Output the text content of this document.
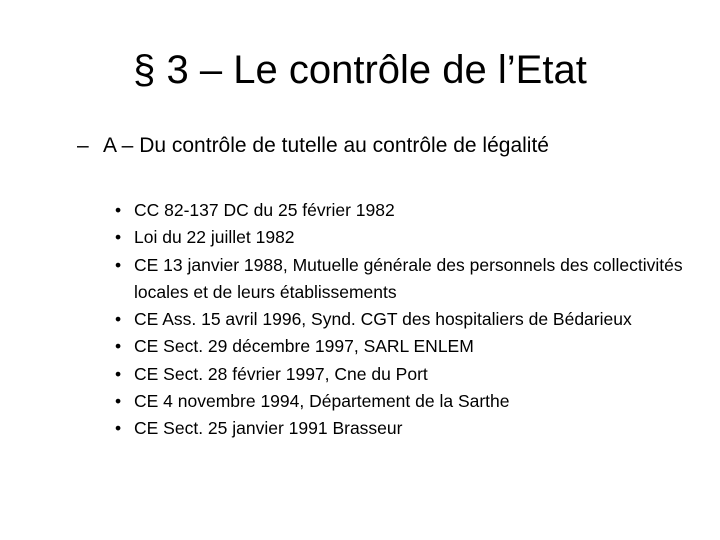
§ 3 – Le contrôle de l’Etat
– A – Du contrôle de tutelle au contrôle de légalité
• CC 82-137 DC du 25 février 1982
• Loi du 22 juillet 1982
• CE 13 janvier 1988, Mutuelle générale des personnels des collectivités locales et de leurs établissements
• CE Ass. 15 avril 1996, Synd. CGT des hospitaliers de Bédarieux
• CE Sect. 29 décembre 1997, SARL ENLEM
• CE Sect. 28 février 1997, Cne du Port
• CE 4 novembre 1994, Département de la Sarthe
• CE Sect. 25 janvier 1991 Brasseur
